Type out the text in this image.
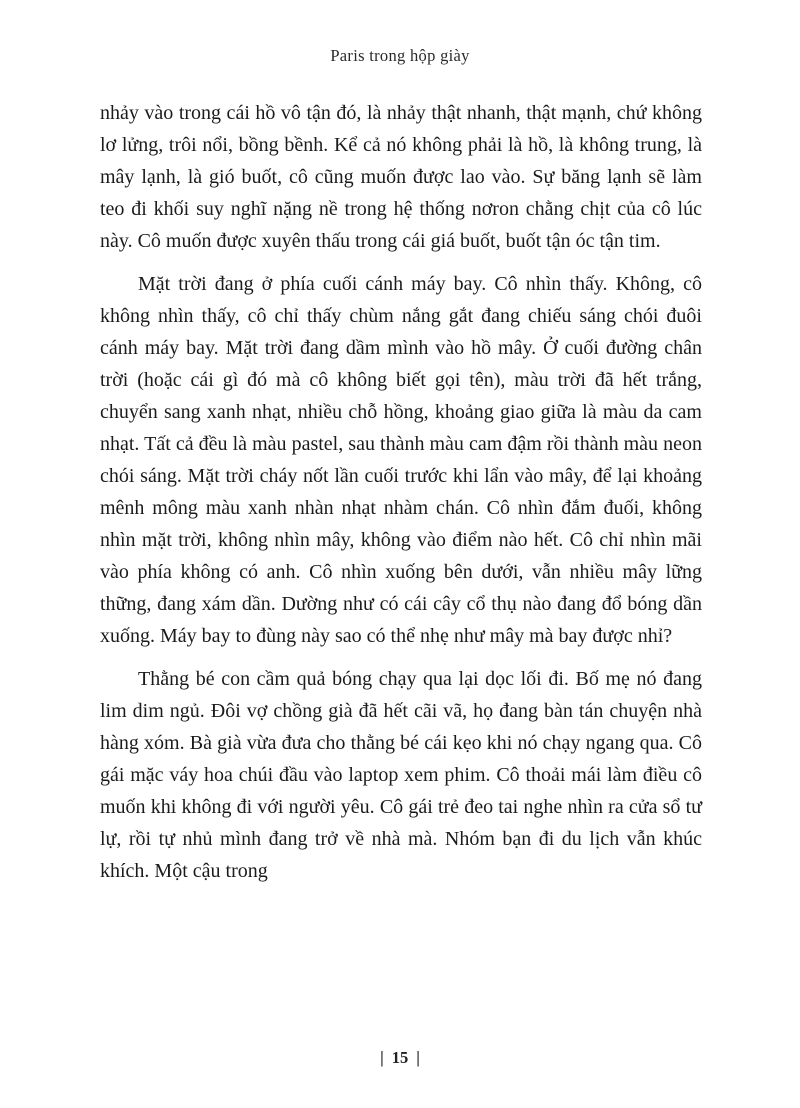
Paris trong hộp giày

nhảy vào trong cái hồ vô tận đó, là nhảy thật nhanh, thật mạnh, chứ không lơ lửng, trôi nổi, bồng bềnh. Kể cả nó không phải là hồ, là không trung, là mây lạnh, là gió buốt, cô cũng muốn được lao vào. Sự băng lạnh sẽ làm teo đi khối suy nghĩ nặng nề trong hệ thống nơron chằng chịt của cô lúc này. Cô muốn được xuyên thấu trong cái giá buốt, buốt tận óc tận tim.

Mặt trời đang ở phía cuối cánh máy bay. Cô nhìn thấy. Không, cô không nhìn thấy, cô chỉ thấy chùm nắng gắt đang chiếu sáng chói đuôi cánh máy bay. Mặt trời đang dầm mình vào hồ mây. Ở cuối đường chân trời (hoặc cái gì đó mà cô không biết gọi tên), màu trời đã hết trắng, chuyển sang xanh nhạt, nhiều chỗ hồng, khoảng giao giữa là màu da cam nhạt. Tất cả đều là màu pastel, sau thành màu cam đậm rồi thành màu neon chói sáng. Mặt trời cháy nốt lần cuối trước khi lẩn vào mây, để lại khoảng mênh mông màu xanh nhàn nhạt nhàm chán. Cô nhìn đắm đuối, không nhìn mặt trời, không nhìn mây, không vào điểm nào hết. Cô chỉ nhìn mãi vào phía không có anh. Cô nhìn xuống bên dưới, vẫn nhiều mây lững thững, đang xám dần. Dường như có cái cây cổ thụ nào đang đổ bóng dần xuống. Máy bay to đùng này sao có thể nhẹ như mây mà bay được nhỉ?

Thằng bé con cầm quả bóng chạy qua lại dọc lối đi. Bố mẹ nó đang lim dim ngủ. Đôi vợ chồng già đã hết cãi vã, họ đang bàn tán chuyện nhà hàng xóm. Bà già vừa đưa cho thằng bé cái kẹo khi nó chạy ngang qua. Cô gái mặc váy hoa chúi đầu vào laptop xem phim. Cô thoải mái làm điều cô muốn khi không đi với người yêu. Cô gái trẻ đeo tai nghe nhìn ra cửa sổ tư lự, rồi tự nhủ mình đang trở về nhà mà. Nhóm bạn đi du lịch vẫn khúc khích. Một cậu trong

| 15 |
